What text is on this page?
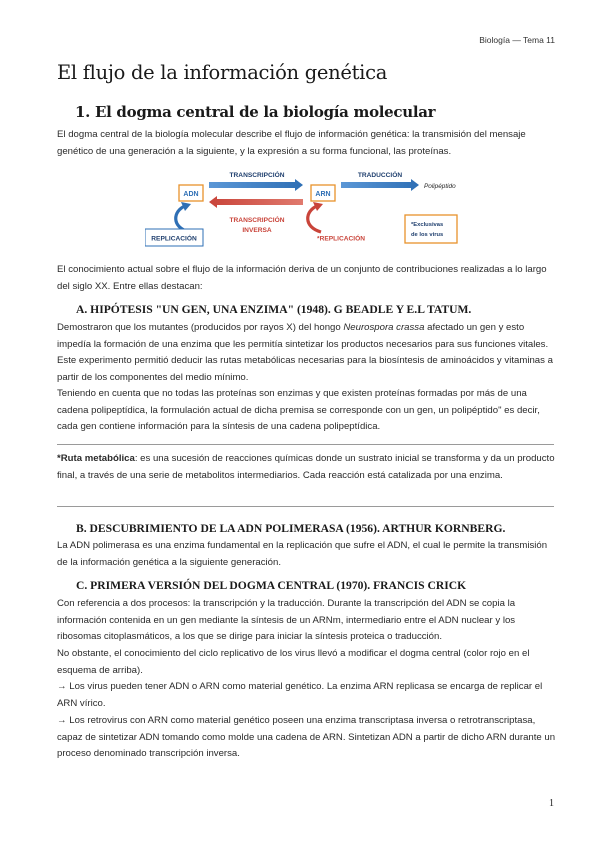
Biología — Tema 11
El flujo de la información genética
1. El dogma central de la biología molecular

El dogma central de la biología molecular describe el flujo de información genética: la transmisión del mensaje genético de una generación a la siguiente, y la expresión a su forma funcional, las proteínas.

ADN	ARN
TRANSCRIPCIÓN	TRADUCCIÓN
Polipéptido
TRANSCRIPCIÓN
INVERSA
REPLICACIÓN	*REPLICACIÓN
*Exclusivas
de los virus

El conocimiento actual sobre el flujo de la información deriva de un conjunto de contribuciones realizadas a lo largo del siglo XX. Entre ellas destacan:

A. HIPÓTESIS "UN GEN, UNA ENZIMA" (1948). G BEADLE Y E.L TATUM.

Demostraron que los mutantes (producidos por rayos X) del hongo Neurospora crassa afectado un gen y esto impedía la formación de una enzima que les permitía sintetizar los productos necesarios para sus funciones vitales. Este experimento permitió deducir las rutas metabólicas necesarias para la biosíntesis de aminoácidos y vitaminas a partir de los componentes del medio mínimo.

Teniendo en cuenta que no todas las proteínas son enzimas y que existen proteínas formadas por más de una cadena polipeptídica, la formulación actual de dicha premisa se corresponde con un gen, un polipéptido" es decir, cada gen contiene información para la síntesis de una cadena polipeptídica.

*Ruta metabólica: es una sucesión de reacciones químicas donde un sustrato inicial se transforma y da un producto final, a través de una serie de metabolitos intermediarios. Cada reacción está catalizada por una enzima.

B. DESCUBRIMIENTO DE LA ADN POLIMERASA (1956). ARTHUR KORNBERG.

La ADN polimerasa es una enzima fundamental en la replicación que sufre el ADN, el cual le permite la transmisión de la información genética a la siguiente generación.

C. PRIMERA VERSIÓN DEL DOGMA CENTRAL (1970). FRANCIS CRICK

Con referencia a dos procesos: la transcripción y la traducción. Durante la transcripción del ADN se copia la información contenida en un gen mediante la síntesis de un ARNm, intermediario entre el ADN nuclear y los ribosomas citoplasmáticos, a los que se dirige para iniciar la síntesis proteica o traducción.

No obstante, el conocimiento del ciclo replicativo de los virus llevó a modificar el dogma central (color rojo en el esquema de arriba).

→ Los virus pueden tener ADN o ARN como material genético. La enzima ARN replicasa se encarga de replicar el ARN vírico.

→ Los retrovirus con ARN como material genético poseen una enzima transcriptasa inversa o retrotranscriptasa, capaz de sintetizar ADN tomando como molde una cadena de ARN. Sintetizan ADN a partir de dicho ARN durante un proceso denominado transcripción inversa.

1
